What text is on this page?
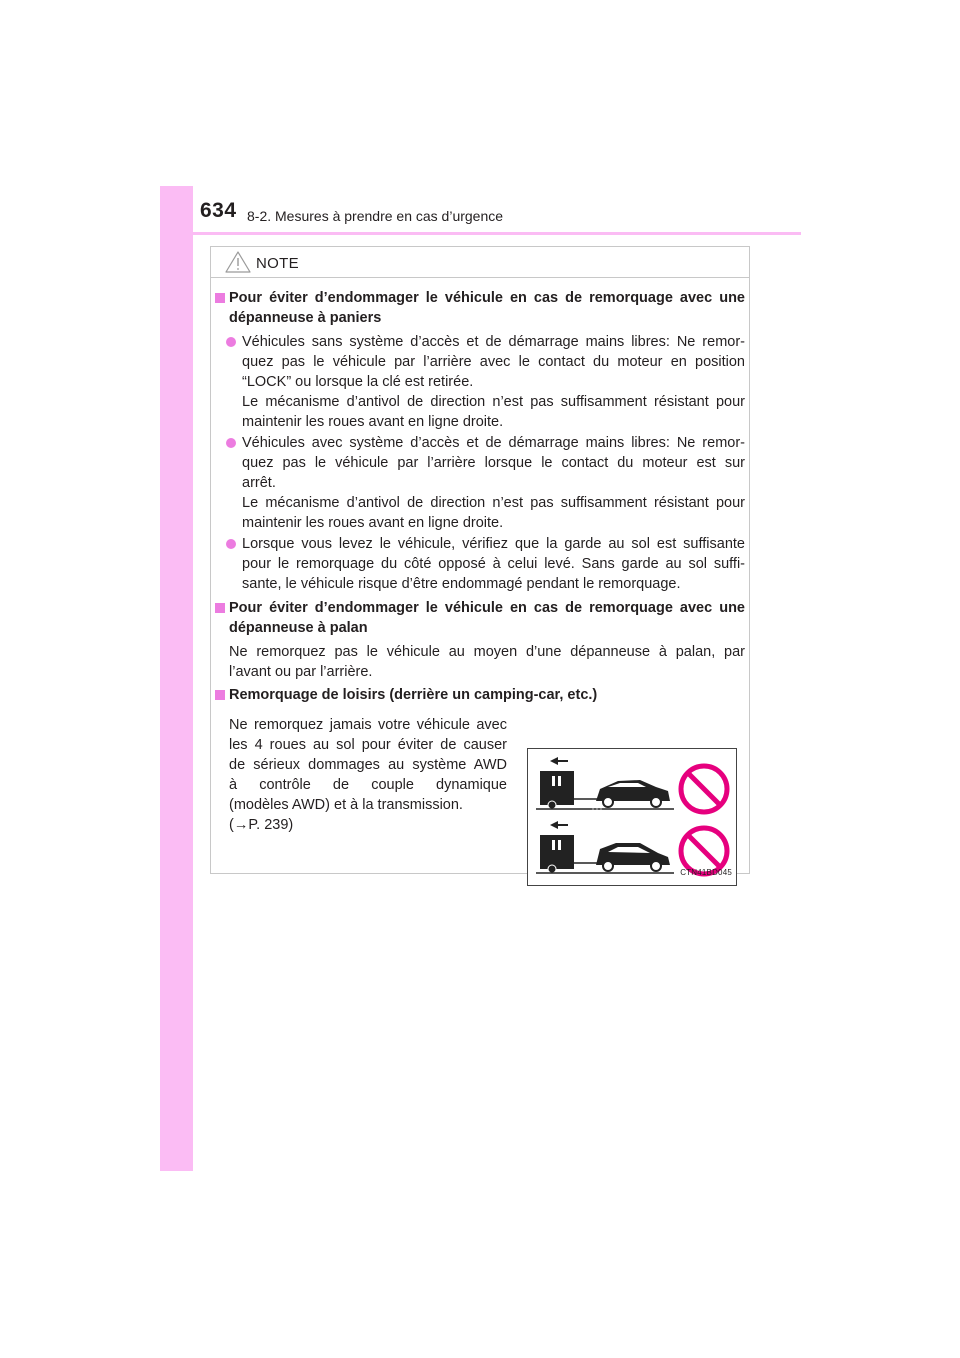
634 8-2. Mesures à prendre en cas d’urgence
NOTE
Pour éviter d’endommager le véhicule en cas de remorquage avec une dépanneuse à paniers
Véhicules sans système d’accès et de démarrage mains libres: Ne remor-
quez pas le véhicule par l’arrière avec le contact du moteur en position
“LOCK” ou lorsque la clé est retirée.
Le mécanisme d’antivol de direction n’est pas suffisamment résistant pour
maintenir les roues avant en ligne droite.
Véhicules avec système d’accès et de démarrage mains libres: Ne remor-
quez pas le véhicule par l’arrière lorsque le contact du moteur est sur
arrêt.
Le mécanisme d’antivol de direction n’est pas suffisamment résistant pour
maintenir les roues avant en ligne droite.
Lorsque vous levez le véhicule, vérifiez que la garde au sol est suffisante
pour le remorquage du côté opposé à celui levé. Sans garde au sol suffi-
sante, le véhicule risque d’être endommagé pendant le remorquage.
Pour éviter d’endommager le véhicule en cas de remorquage avec une dépanneuse à palan
Ne remorquez pas le véhicule au moyen d’une dépanneuse à palan, par
l’avant ou par l’arrière.
Remorquage de loisirs (derrière un camping-car, etc.)
Ne remorquez jamais votre véhicule avec
les 4 roues au sol pour éviter de causer
de sérieux dommages au système AWD
à contrôle de couple dynamique
(modèles AWD) et à la transmission.
(→P. 239)
CTN41BD045
